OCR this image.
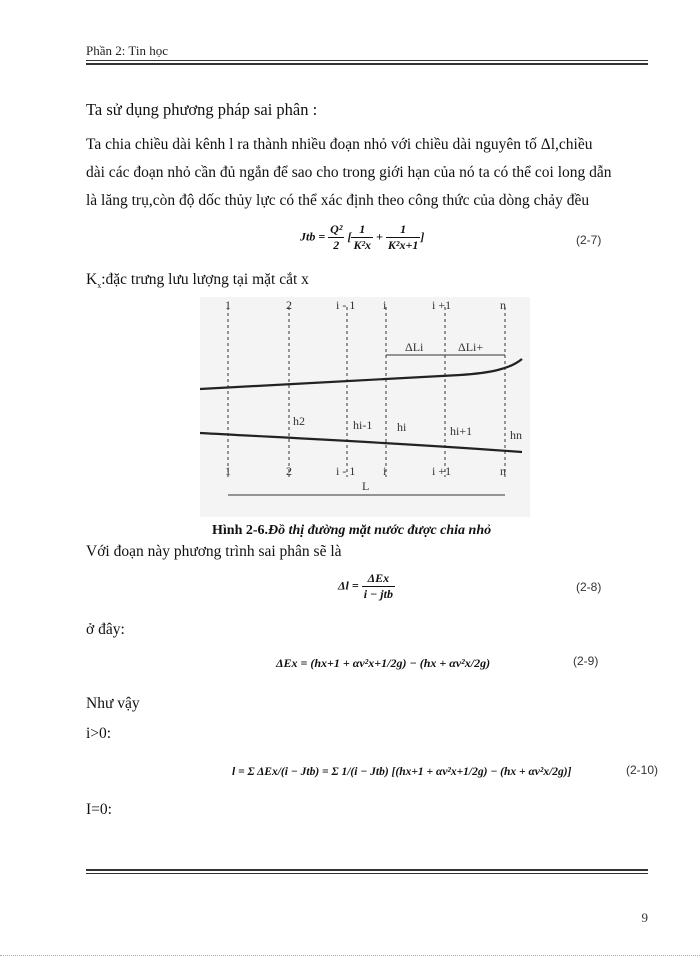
Phần 2: Tin học
Ta sử dụng phương pháp sai phân :
Ta chia chiều dài kênh l ra thành nhiều đoạn nhỏ với chiều dài nguyên tố Δl,chiều
dài các đoạn nhỏ cần đủ ngắn để sao cho trong giới hạn của nó ta có thể coi long dẫn
là lăng trụ,còn độ dốc thủy lực có thể xác định theo công thức của dòng chảy đều
Jtb = $\frac{\text{Q²}}{2}$ [ $\frac{1}{\text{K²x}} + \frac{1}{\text{K²x+1}}$ ]	(2-7)
$K_x:đặc$ trưng lưu lượng tại mặt cắt x
1	2	i - 1 i	i +1	n
ΔLi	ΔLi+
h2	hi-1 hi	hi+1	hn
1	2	i - 1 i	i +1	n
L
Hình 2-6.Đồ thị đường mặt nước được chia nhỏ
Với đoạn này phương trình sai phân sẽ là
$\Delta l = \frac{\text{ΔEx}}{\text{i − jtb}}$	(2-8)
ở đây:
ΔEx = (hx+1 + αv²x+1/2g) − (hx + αv²x/2g)	(2-9)
Như vậy
i>0:
l = Σ ΔEx/(i − Jtb) = Σ 1/(i − Jtb) [(hx+1 + αv²x+1/2g) − (hx + αv²x/2g)]	(2-10)
I=0:
9
